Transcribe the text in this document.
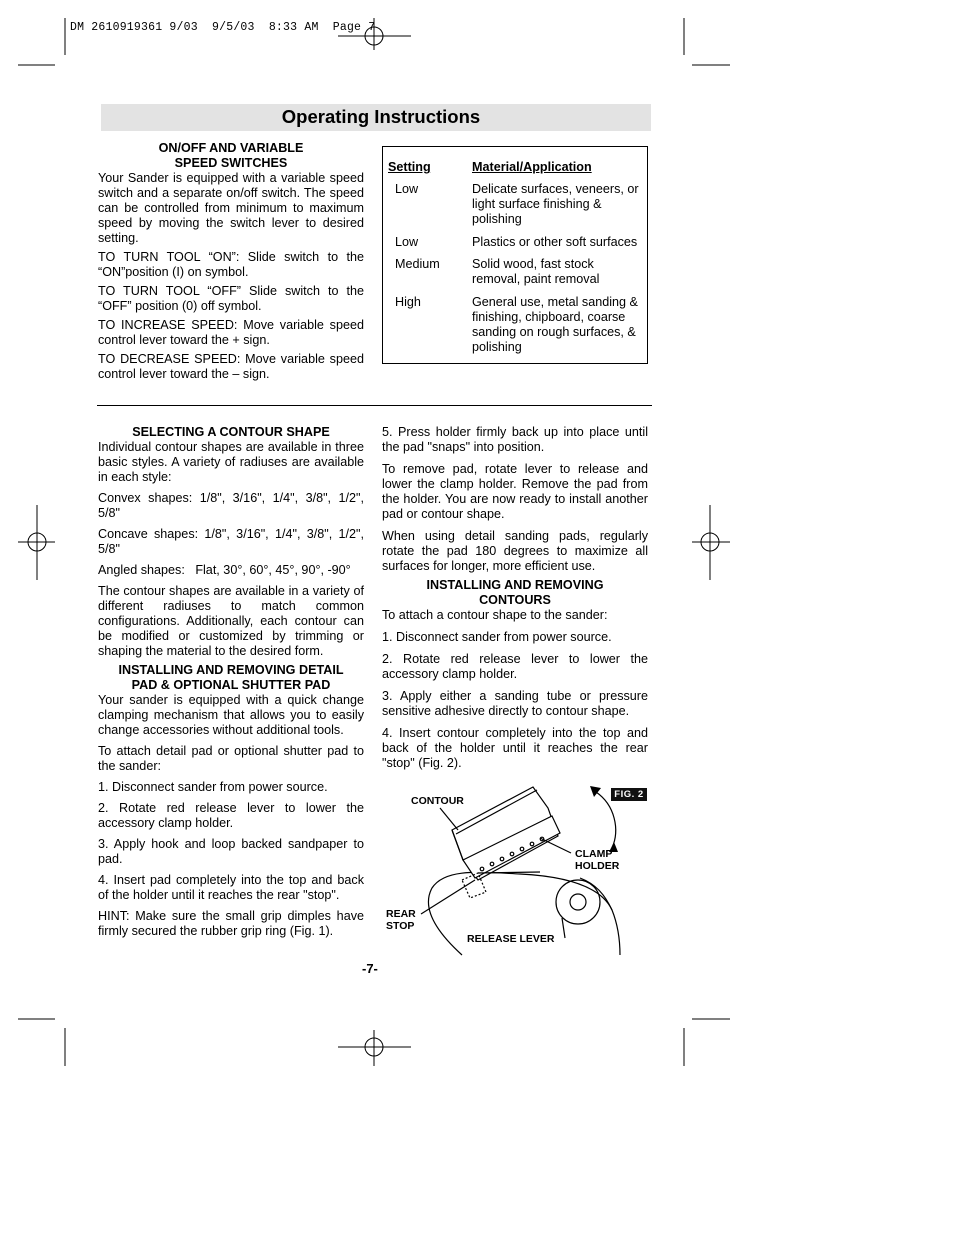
DM 2610919361 9/03  9/5/03  8:33 AM  Page 7
Operating Instructions
ON/OFF AND VARIABLE
SPEED SWITCHES

Your Sander is equipped with a variable speed switch and a separate on/off switch. The speed can be controlled from minimum to maximum speed by moving the switch lever to desired setting.

TO TURN TOOL “ON”: Slide switch to the “ON”position (I) on symbol.

TO TURN TOOL “OFF” Slide switch to the “OFF” position (0) off symbol.

TO INCREASE SPEED: Move variable speed control lever toward the + sign.

TO DECREASE SPEED: Move variable speed control lever toward the – sign.

Setting	Material/Application
Low	Delicate surfaces, veneers, or light surface finishing & polishing
Low	Plastics or other soft surfaces
Medium	Solid wood, fast stock removal, paint removal
High	General use, metal sanding & finishing, chipboard, coarse sanding on rough surfaces, & polishing
SELECTING A CONTOUR SHAPE

Individual contour shapes are available in three basic styles. A variety of radiuses are available in each style:

Convex shapes: 1/8", 3/16", 1/4", 3/8", 1/2", 5/8"

Concave shapes: 1/8", 3/16", 1/4", 3/8", 1/2", 5/8"

Angled shapes:   Flat, 30°, 60°, 45°, 90°, -90°

The contour shapes are available in a variety of different radiuses to match common configurations. Additionally, each contour can be modified or customized by trimming or shaping the material to the desired form.

INSTALLING AND REMOVING DETAIL
PAD & OPTIONAL SHUTTER PAD

Your sander is equipped with a quick change clamping mechanism that allows you to easily change accessories without additional tools.

To attach detail pad or optional shutter pad to the sander:

1. Disconnect sander from power source.

2. Rotate red release lever to lower the accessory clamp holder.

3. Apply hook and loop backed sandpaper to pad.

4. Insert pad completely into the top and back of the holder until it reaches the rear "stop".

HINT: Make sure the small grip dimples have firmly secured the rubber grip ring (Fig. 1).

5. Press holder firmly back up into place until the pad "snaps" into position.

To remove pad, rotate lever to release and lower the clamp holder. Remove the pad from the holder. You are now ready to install another pad or contour shape.

When using detail sanding pads, regularly rotate the pad 180 degrees to maximize all surfaces for longer, more efficient use.

INSTALLING AND REMOVING
CONTOURS

To attach a contour shape to the sander:

1. Disconnect sander from power source.

2. Rotate red release lever to lower the accessory clamp holder.

3. Apply either a sanding tube or pressure sensitive adhesive directly to contour shape.

4. Insert contour completely into the top and back of the holder until it reaches the rear "stop" (Fig. 2).

FIG. 2
CONTOUR
CLAMP
HOLDER
REAR
STOP
RELEASE LEVER
-7-
